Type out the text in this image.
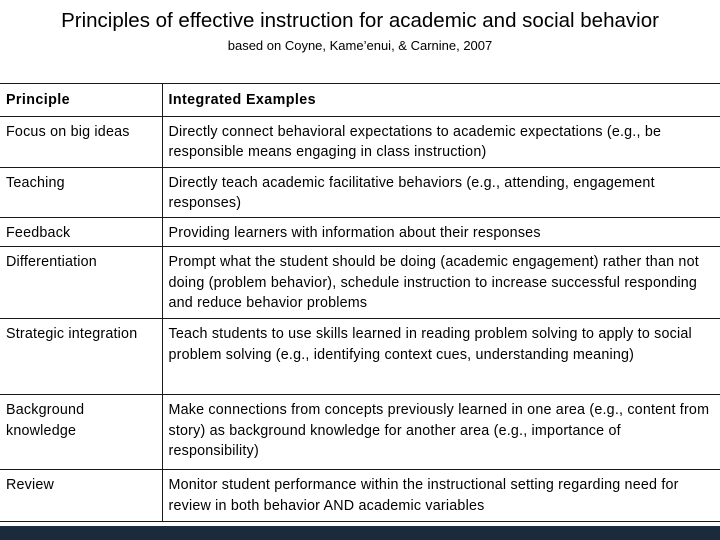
Principles of effective instruction for academic and social behavior
based on Coyne, Kame’enui, & Carnine, 2007
Principle	Integrated Examples
Focus on big ideas	Directly connect behavioral expectations to academic expectations (e.g., be responsible means engaging in class instruction)
Teaching	Directly teach academic facilitative behaviors (e.g., attending, engagement responses)
Feedback	Providing learners with information about their responses
Differentiation	Prompt what the student should be doing (academic engagement) rather than not doing (problem behavior), schedule instruction to increase successful responding and reduce behavior problems
Strategic integration	Teach students to use skills learned in reading problem solving to apply to social problem solving (e.g., identifying context cues, understanding meaning)
Background knowledge	Make connections from concepts previously learned in one area (e.g., content from story) as background knowledge for another area (e.g., importance of responsibility)
Review	Monitor student performance within the instructional setting regarding need for review in both behavior AND academic variables
